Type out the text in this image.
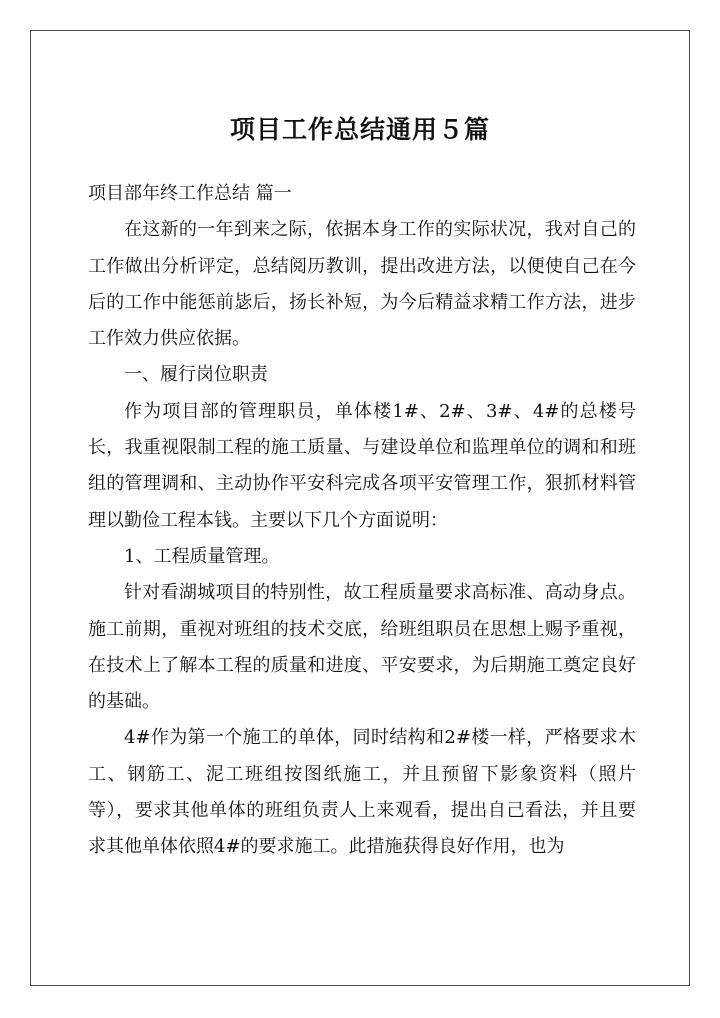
项目工作总结通用５篇

项目部年终工作总结 篇一

在这新的一年到来之际，依据本身工作的实际状况，我对自己的工作做出分析评定，总结阅历教训，提出改进方法，以便使自己在今后的工作中能惩前毖后，扬长补短，为今后精益求精工作方法，进步工作效力供应依据。

一、履行岗位职责

作为项目部的管理职员，单体楼1#、2#、3#、4#的总楼号长，我重视限制工程的施工质量、与建设单位和监理单位的调和和班组的管理调和、主动协作平安科完成各项平安管理工作，狠抓材料管理以勤俭工程本钱。主要以下几个方面说明：

1、工程质量管理。

针对看湖城项目的特别性，故工程质量要求高标准、高动身点。施工前期，重视对班组的技术交底，给班组职员在思想上赐予重视，在技术上了解本工程的质量和进度、平安要求，为后期施工奠定良好的基础。

4#作为第一个施工的单体，同时结构和2#楼一样，严格要求木工、钢筋工、泥工班组按图纸施工，并且预留下影象资料（照片等），要求其他单体的班组负责人上来观看，提出自己看法，并且要求其他单体依照4#的要求施工。此措施获得良好作用，也为
